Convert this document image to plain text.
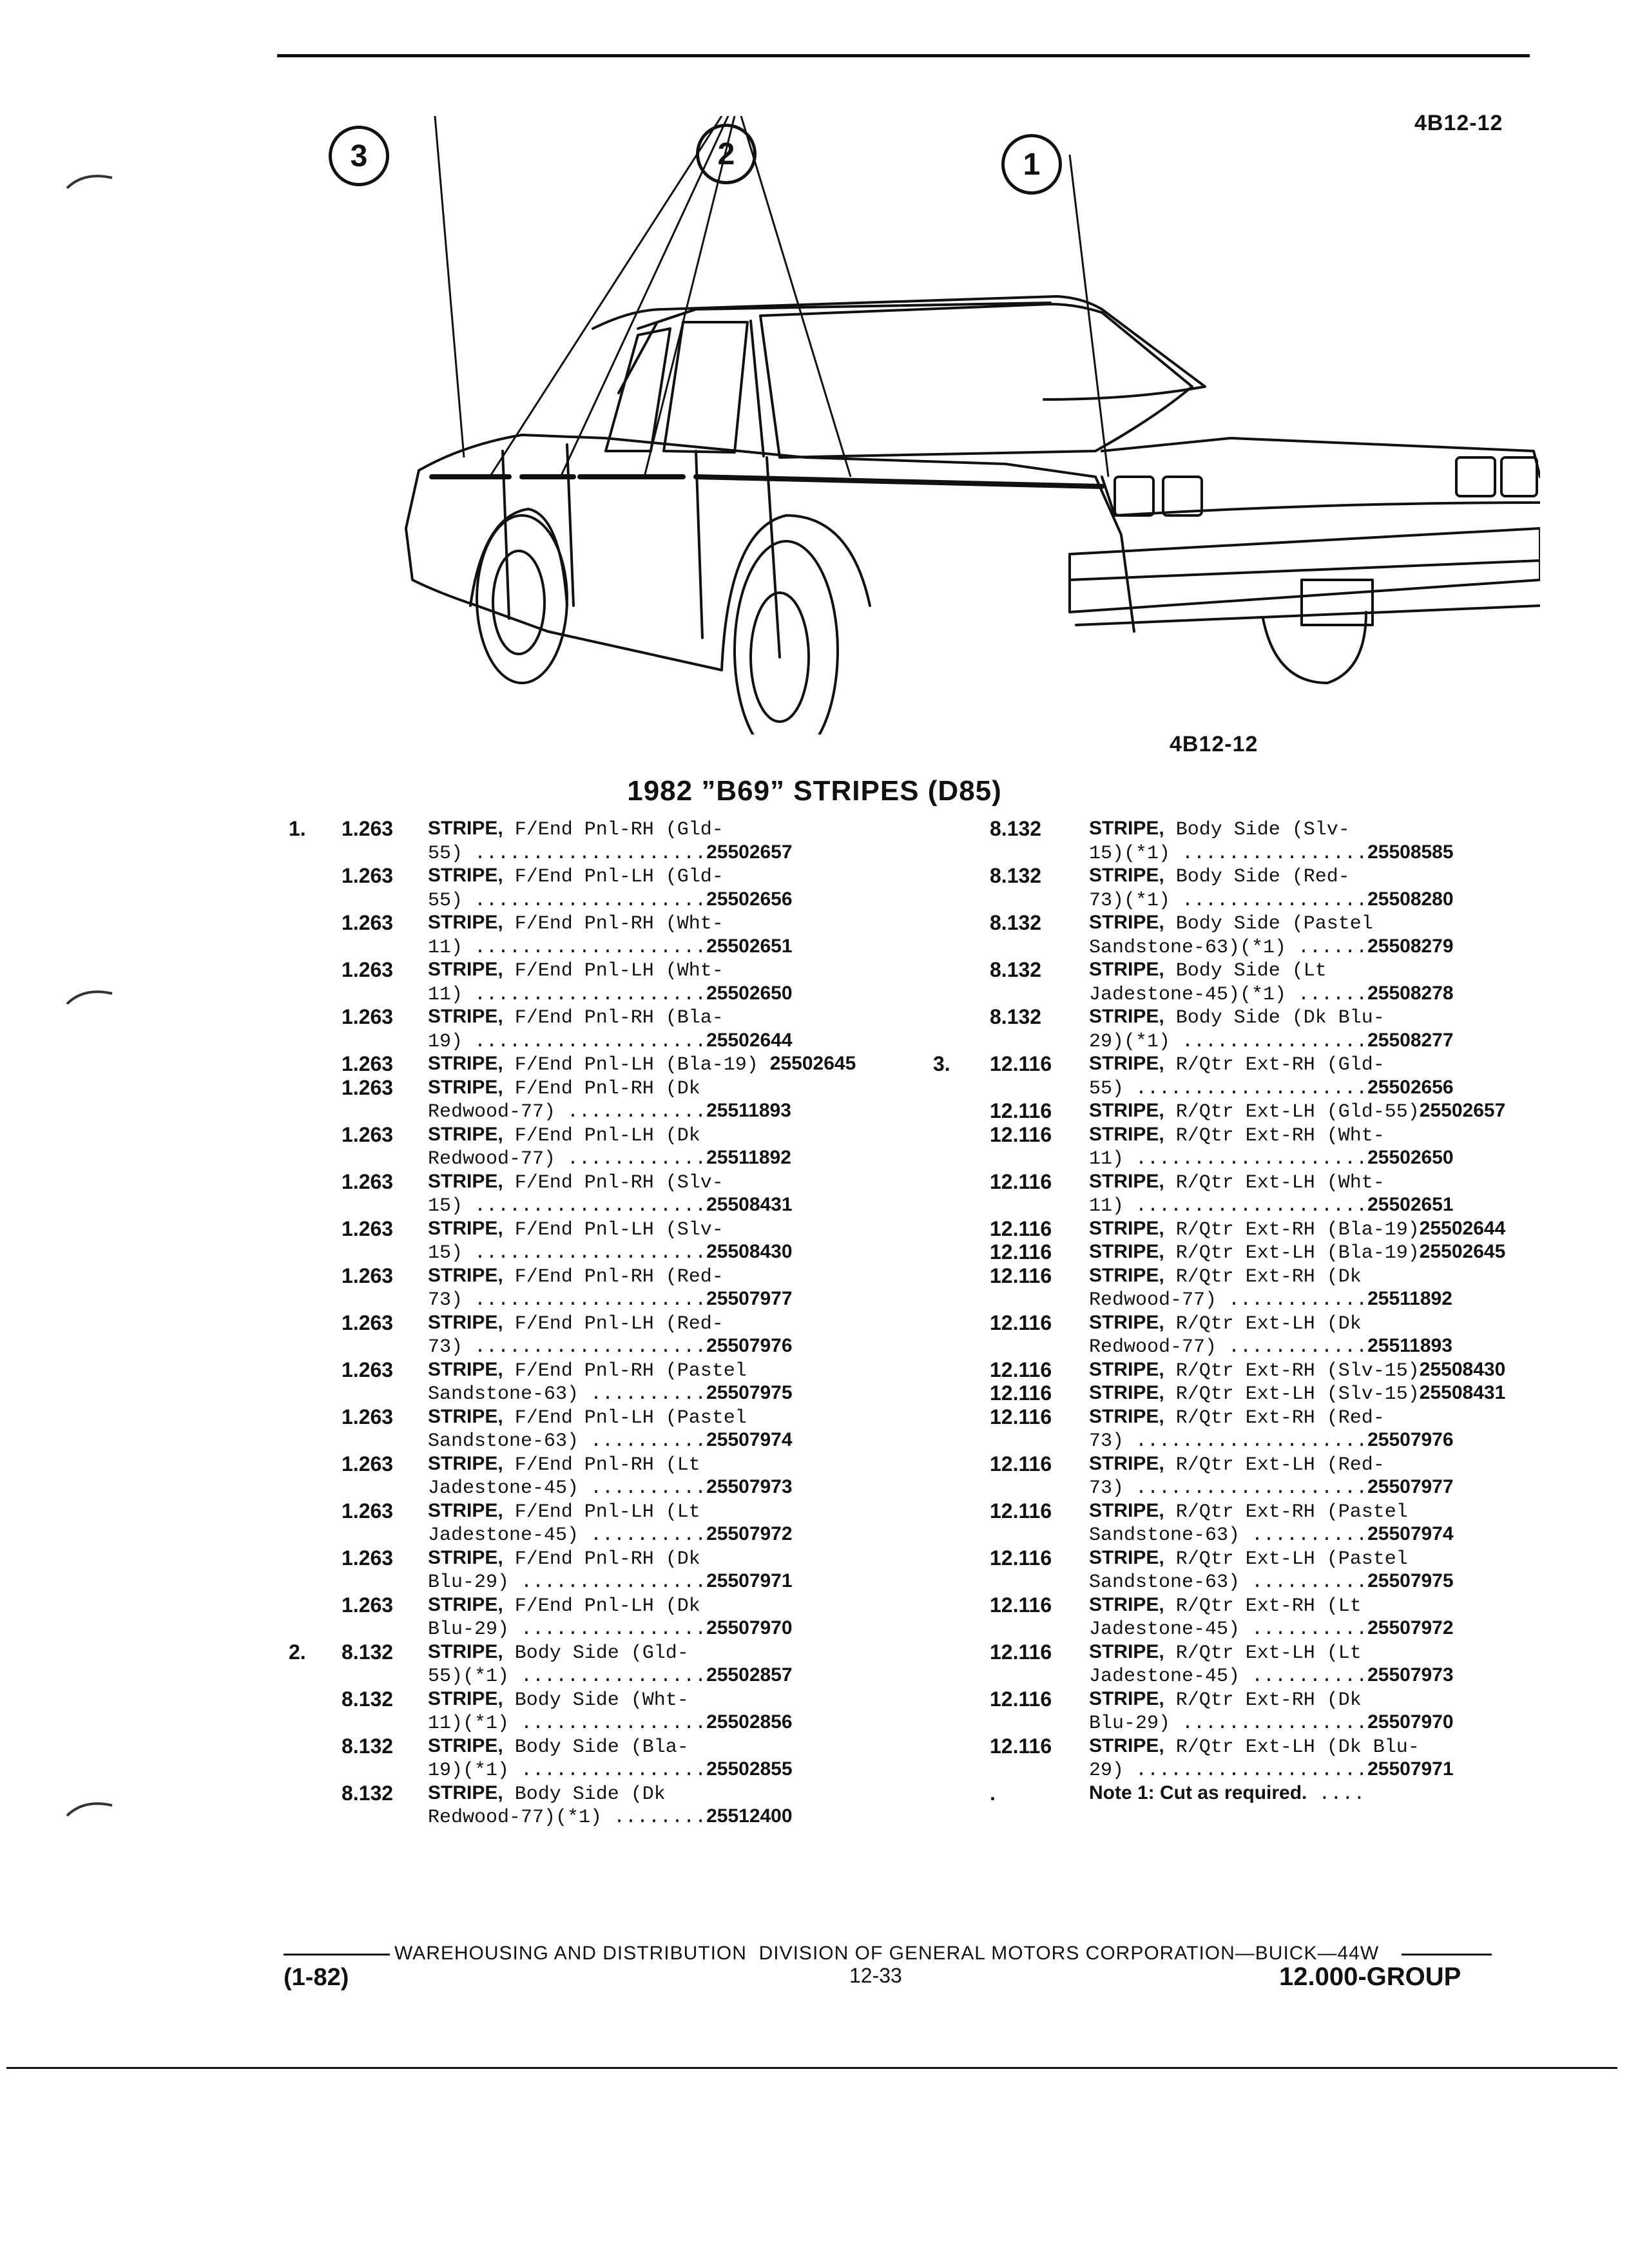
4B12-12
4B12-12
3	2	1
1982 ”B69” STRIPES (D85)
1. 1.263 STRIPE, F/End Pnl-RH (Gld-
55) ....................25502657
1.263 STRIPE, F/End Pnl-LH (Gld-
55) ....................25502656
1.263 STRIPE, F/End Pnl-RH (Wht-
11) ....................25502651
1.263 STRIPE, F/End Pnl-LH (Wht-
11) ....................25502650
1.263 STRIPE, F/End Pnl-RH (Bla-
19) ....................25502644
1.263 STRIPE, F/End Pnl-LH (Bla-19) 25502645
1.263 STRIPE, F/End Pnl-RH (Dk
Redwood-77) ............25511893
1.263 STRIPE, F/End Pnl-LH (Dk
Redwood-77) ............25511892
1.263 STRIPE, F/End Pnl-RH (Slv-
15) ....................25508431
1.263 STRIPE, F/End Pnl-LH (Slv-
15) ....................25508430
1.263 STRIPE, F/End Pnl-RH (Red-
73) ....................25507977
1.263 STRIPE, F/End Pnl-LH (Red-
73) ....................25507976
1.263 STRIPE, F/End Pnl-RH (Pastel
Sandstone-63) ..........25507975
1.263 STRIPE, F/End Pnl-LH (Pastel
Sandstone-63) ..........25507974
1.263 STRIPE, F/End Pnl-RH (Lt
Jadestone-45) ..........25507973
1.263 STRIPE, F/End Pnl-LH (Lt
Jadestone-45) ..........25507972
1.263 STRIPE, F/End Pnl-RH (Dk
Blu-29) ................25507971
1.263 STRIPE, F/End Pnl-LH (Dk
Blu-29) ................25507970
2. 8.132 STRIPE, Body Side (Gld-
55)(*1) ................25502857
8.132 STRIPE, Body Side (Wht-
11)(*1) ................25502856
8.132 STRIPE, Body Side (Bla-
19)(*1) ................25502855
8.132 STRIPE, Body Side (Dk
Redwood-77)(*1) ........25512400
8.132 STRIPE, Body Side (Slv-
15)(*1) ................25508585
8.132 STRIPE, Body Side (Red-
73)(*1) ................25508280
8.132 STRIPE, Body Side (Pastel
Sandstone-63)(*1) ......25508279
8.132 STRIPE, Body Side (Lt
Jadestone-45)(*1) ......25508278
8.132 STRIPE, Body Side (Dk Blu-
29)(*1) ................25508277
3. 12.116 STRIPE, R/Qtr Ext-RH (Gld-
55) ....................25502656
12.116 STRIPE, R/Qtr Ext-LH (Gld-55)25502657
12.116 STRIPE, R/Qtr Ext-RH (Wht-
11) ....................25502650
12.116 STRIPE, R/Qtr Ext-LH (Wht-
11) ....................25502651
12.116 STRIPE, R/Qtr Ext-RH (Bla-19)25502644
12.116 STRIPE, R/Qtr Ext-LH (Bla-19)25502645
12.116 STRIPE, R/Qtr Ext-RH (Dk
Redwood-77) ............25511892
12.116 STRIPE, R/Qtr Ext-LH (Dk
Redwood-77) ............25511893
12.116 STRIPE, R/Qtr Ext-RH (Slv-15)25508430
12.116 STRIPE, R/Qtr Ext-LH (Slv-15)25508431
12.116 STRIPE, R/Qtr Ext-RH (Red-
73) ....................25507976
12.116 STRIPE, R/Qtr Ext-LH (Red-
73) ....................25507977
12.116 STRIPE, R/Qtr Ext-RH (Pastel
Sandstone-63) ..........25507974
12.116 STRIPE, R/Qtr Ext-LH (Pastel
Sandstone-63) ..........25507975
12.116 STRIPE, R/Qtr Ext-RH (Lt
Jadestone-45) ..........25507972
12.116 STRIPE, R/Qtr Ext-LH (Lt
Jadestone-45) ..........25507973
12.116 STRIPE, R/Qtr Ext-RH (Dk
Blu-29) ................25507970
12.116 STRIPE, R/Qtr Ext-LH (Dk Blu-
29) ....................25507971
.	Note 1: Cut as required. ....
WAREHOUSING AND DISTRIBUTION  DIVISION OF GENERAL MOTORS CORPORATION—BUICK—44W
(1-82)	12-33	12.000-GROUP
